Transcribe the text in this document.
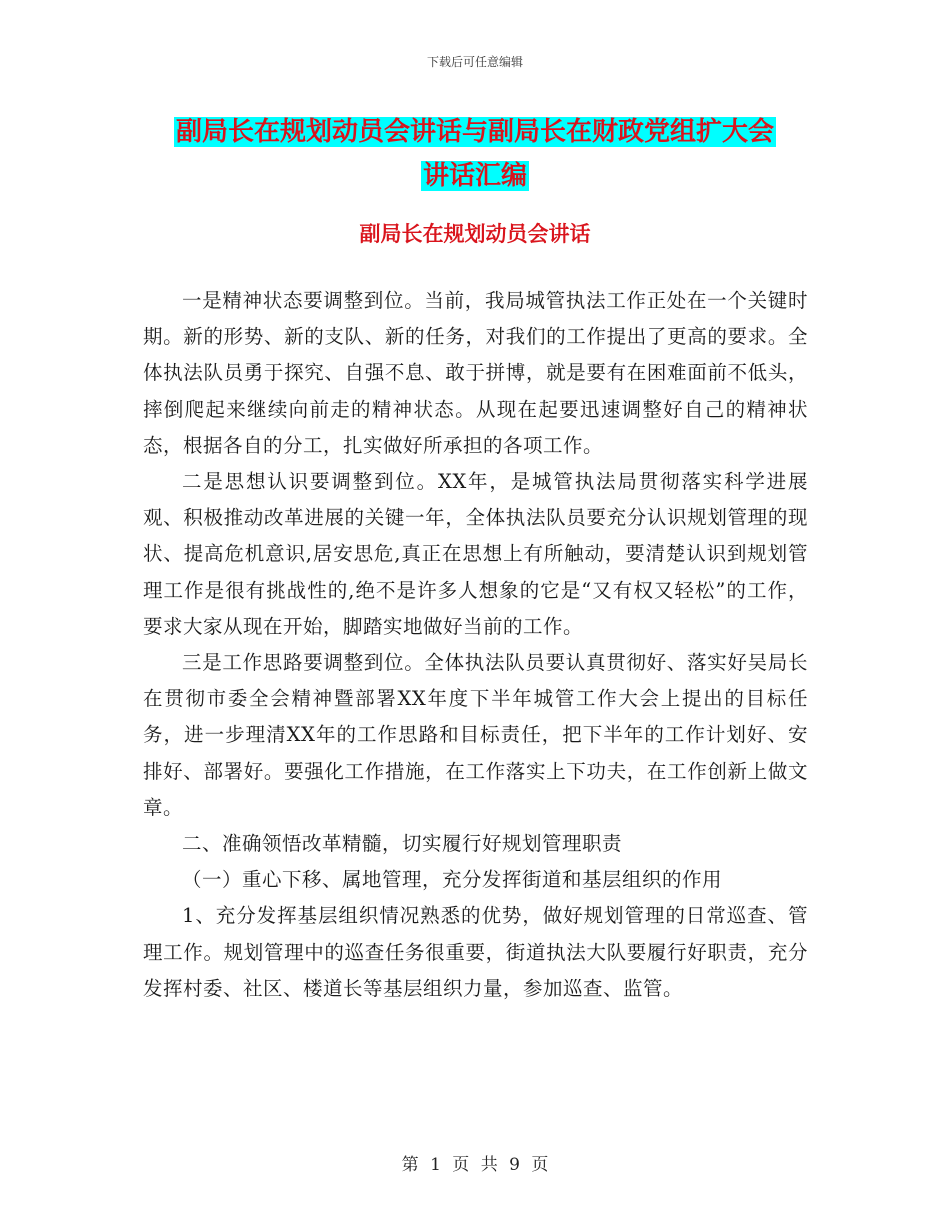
下载后可任意编辑
副局长在规划动员会讲话与副局长在财政党组扩大会
讲话汇编
副局长在规划动员会讲话

一是精神状态要调整到位。当前，我局城管执法工作正处在一个关键时期。新的形势、新的支队、新的任务，对我们的工作提出了更高的要求。全体执法队员勇于探究、自强不息、敢于拼博，就是要有在困难面前不低头，摔倒爬起来继续向前走的精神状态。从现在起要迅速调整好自己的精神状态，根据各自的分工，扎实做好所承担的各项工作。

二是思想认识要调整到位。XX年，是城管执法局贯彻落实科学进展观、积极推动改革进展的关键一年，全体执法队员要充分认识规划管理的现状、提高危机意识,居安思危,真正在思想上有所触动，要清楚认识到规划管理工作是很有挑战性的,绝不是许多人想象的它是“又有权又轻松”的工作，要求大家从现在开始，脚踏实地做好当前的工作。

三是工作思路要调整到位。全体执法队员要认真贯彻好、落实好吴局长在贯彻市委全会精神暨部署XX年度下半年城管工作大会上提出的目标任务，进一步理清XX年的工作思路和目标责任，把下半年的工作计划好、安排好、部署好。要强化工作措施，在工作落实上下功夫，在工作创新上做文章。

二、准确领悟改革精髓，切实履行好规划管理职责

（一）重心下移、属地管理，充分发挥街道和基层组织的作用

1、充分发挥基层组织情况熟悉的优势，做好规划管理的日常巡查、管理工作。规划管理中的巡查任务很重要，街道执法大队要履行好职责，充分发挥村委、社区、楼道长等基层组织力量，参加巡查、监管。

第 1 页 共 9 页
